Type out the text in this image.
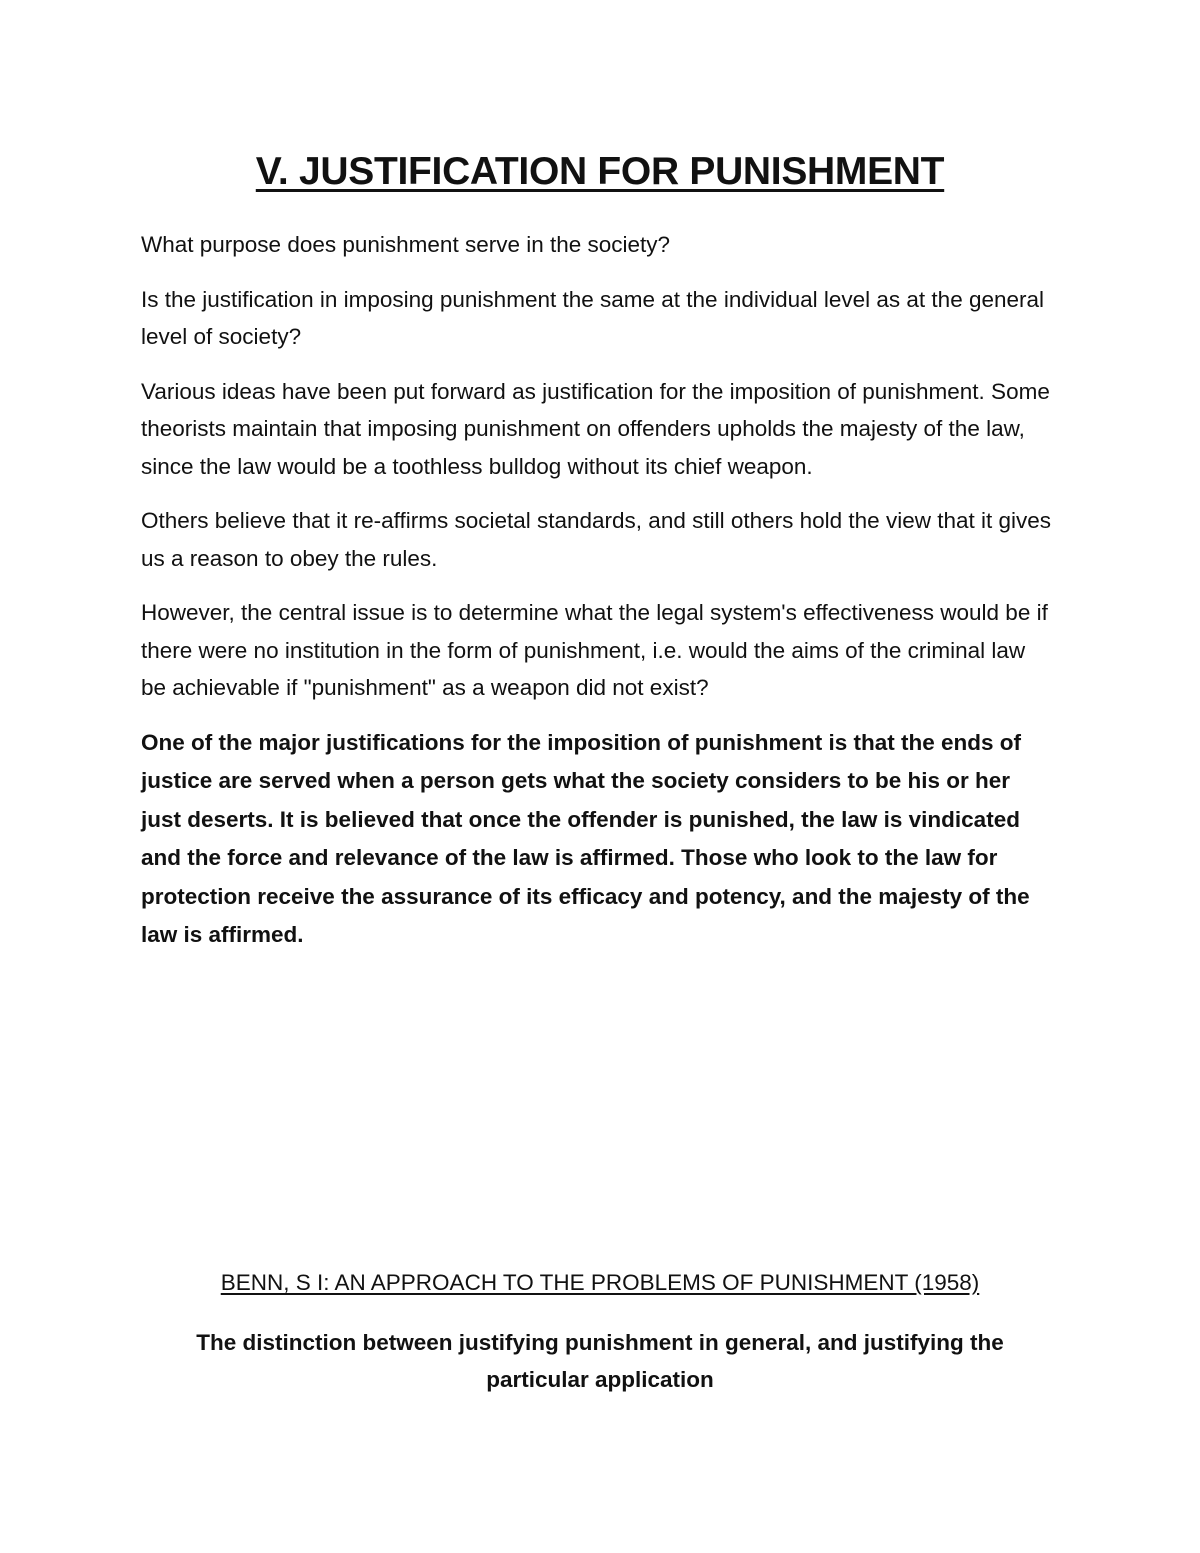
V. JUSTIFICATION FOR PUNISHMENT

What purpose does punishment serve in the society?

Is the justification in imposing punishment the same at the individual level as at the general level of society?

Various ideas have been put forward as justification for the imposition of punishment. Some theorists maintain that imposing punishment on offenders upholds the majesty of the law, since the law would be a toothless bulldog without its chief weapon.

Others believe that it re-affirms societal standards, and still others hold the view that it gives us a reason to obey the rules.

However, the central issue is to determine what the legal system's effectiveness would be if there were no institution in the form of punishment, i.e. would the aims of the criminal law be achievable if "punishment" as a weapon did not exist?

One of the major justifications for the imposition of punishment is that the ends of justice are served when a person gets what the society considers to be his or her just deserts. It is believed that once the offender is punished, the law is vindicated and the force and relevance of the law is affirmed. Those who look to the law for protection receive the assurance of its efficacy and potency, and the majesty of the law is affirmed.

BENN, S I: AN APPROACH TO THE PROBLEMS OF PUNISHMENT (1958)
The distinction between justifying punishment in general, and justifying the particular application
